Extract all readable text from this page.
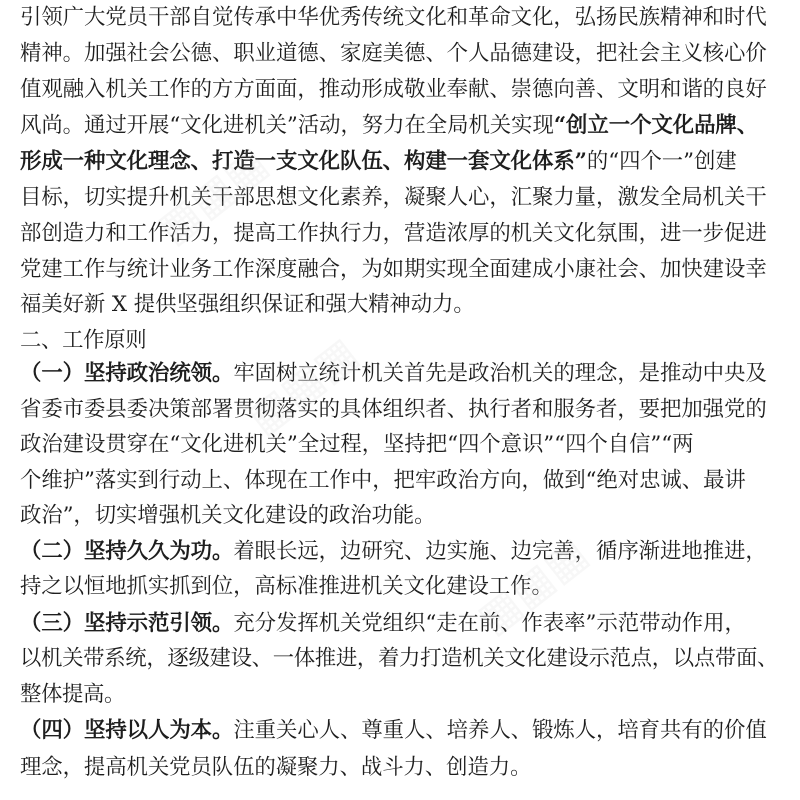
引领广大党员干部自觉传承中华优秀传统文化和革命文化，弘扬民族精神和时代
精神。加强社会公德、职业道德、家庭美德、个人品德建设，把社会主义核心价
值观融入机关工作的方方面面，推动形成敬业奉献、崇德向善、文明和谐的良好
风尚。通过开展“文化进机关”活动，努力在全局机关实现“创立一个文化品牌、
形成一种文化理念、打造一支文化队伍、构建一套文化体系”的“四个一”创建
目标，切实提升机关干部思想文化素养，凝聚人心，汇聚力量，激发全局机关干
部创造力和工作活力，提高工作执行力，营造浓厚的机关文化氛围，进一步促进
党建工作与统计业务工作深度融合，为如期实现全面建成小康社会、加快建设幸
福美好新 X 提供坚强组织保证和强大精神动力。
二、工作原则
（一）坚持政治统领。牢固树立统计机关首先是政治机关的理念，是推动中央及
省委市委县委决策部署贯彻落实的具体组织者、执行者和服务者，要把加强党的
政治建设贯穿在“文化进机关”全过程，坚持把“四个意识”“四个自信”“两
个维护”落实到行动上、体现在工作中，把牢政治方向，做到“绝对忠诚、最讲
政治”，切实增强机关文化建设的政治功能。
（二）坚持久久为功。着眼长远，边研究、边实施、边完善，循序渐进地推进，
持之以恒地抓实抓到位，高标准推进机关文化建设工作。
（三）坚持示范引领。充分发挥机关党组织“走在前、作表率”示范带动作用，
以机关带系统，逐级建设、一体推进，着力打造机关文化建设示范点，以点带面、
整体提高。
（四）坚持以人为本。注重关心人、尊重人、培养人、锻炼人，培育共有的价值
理念，提高机关党员队伍的凝聚力、战斗力、创造力。
▦▦▦
▦▦▦
▦▦▦
